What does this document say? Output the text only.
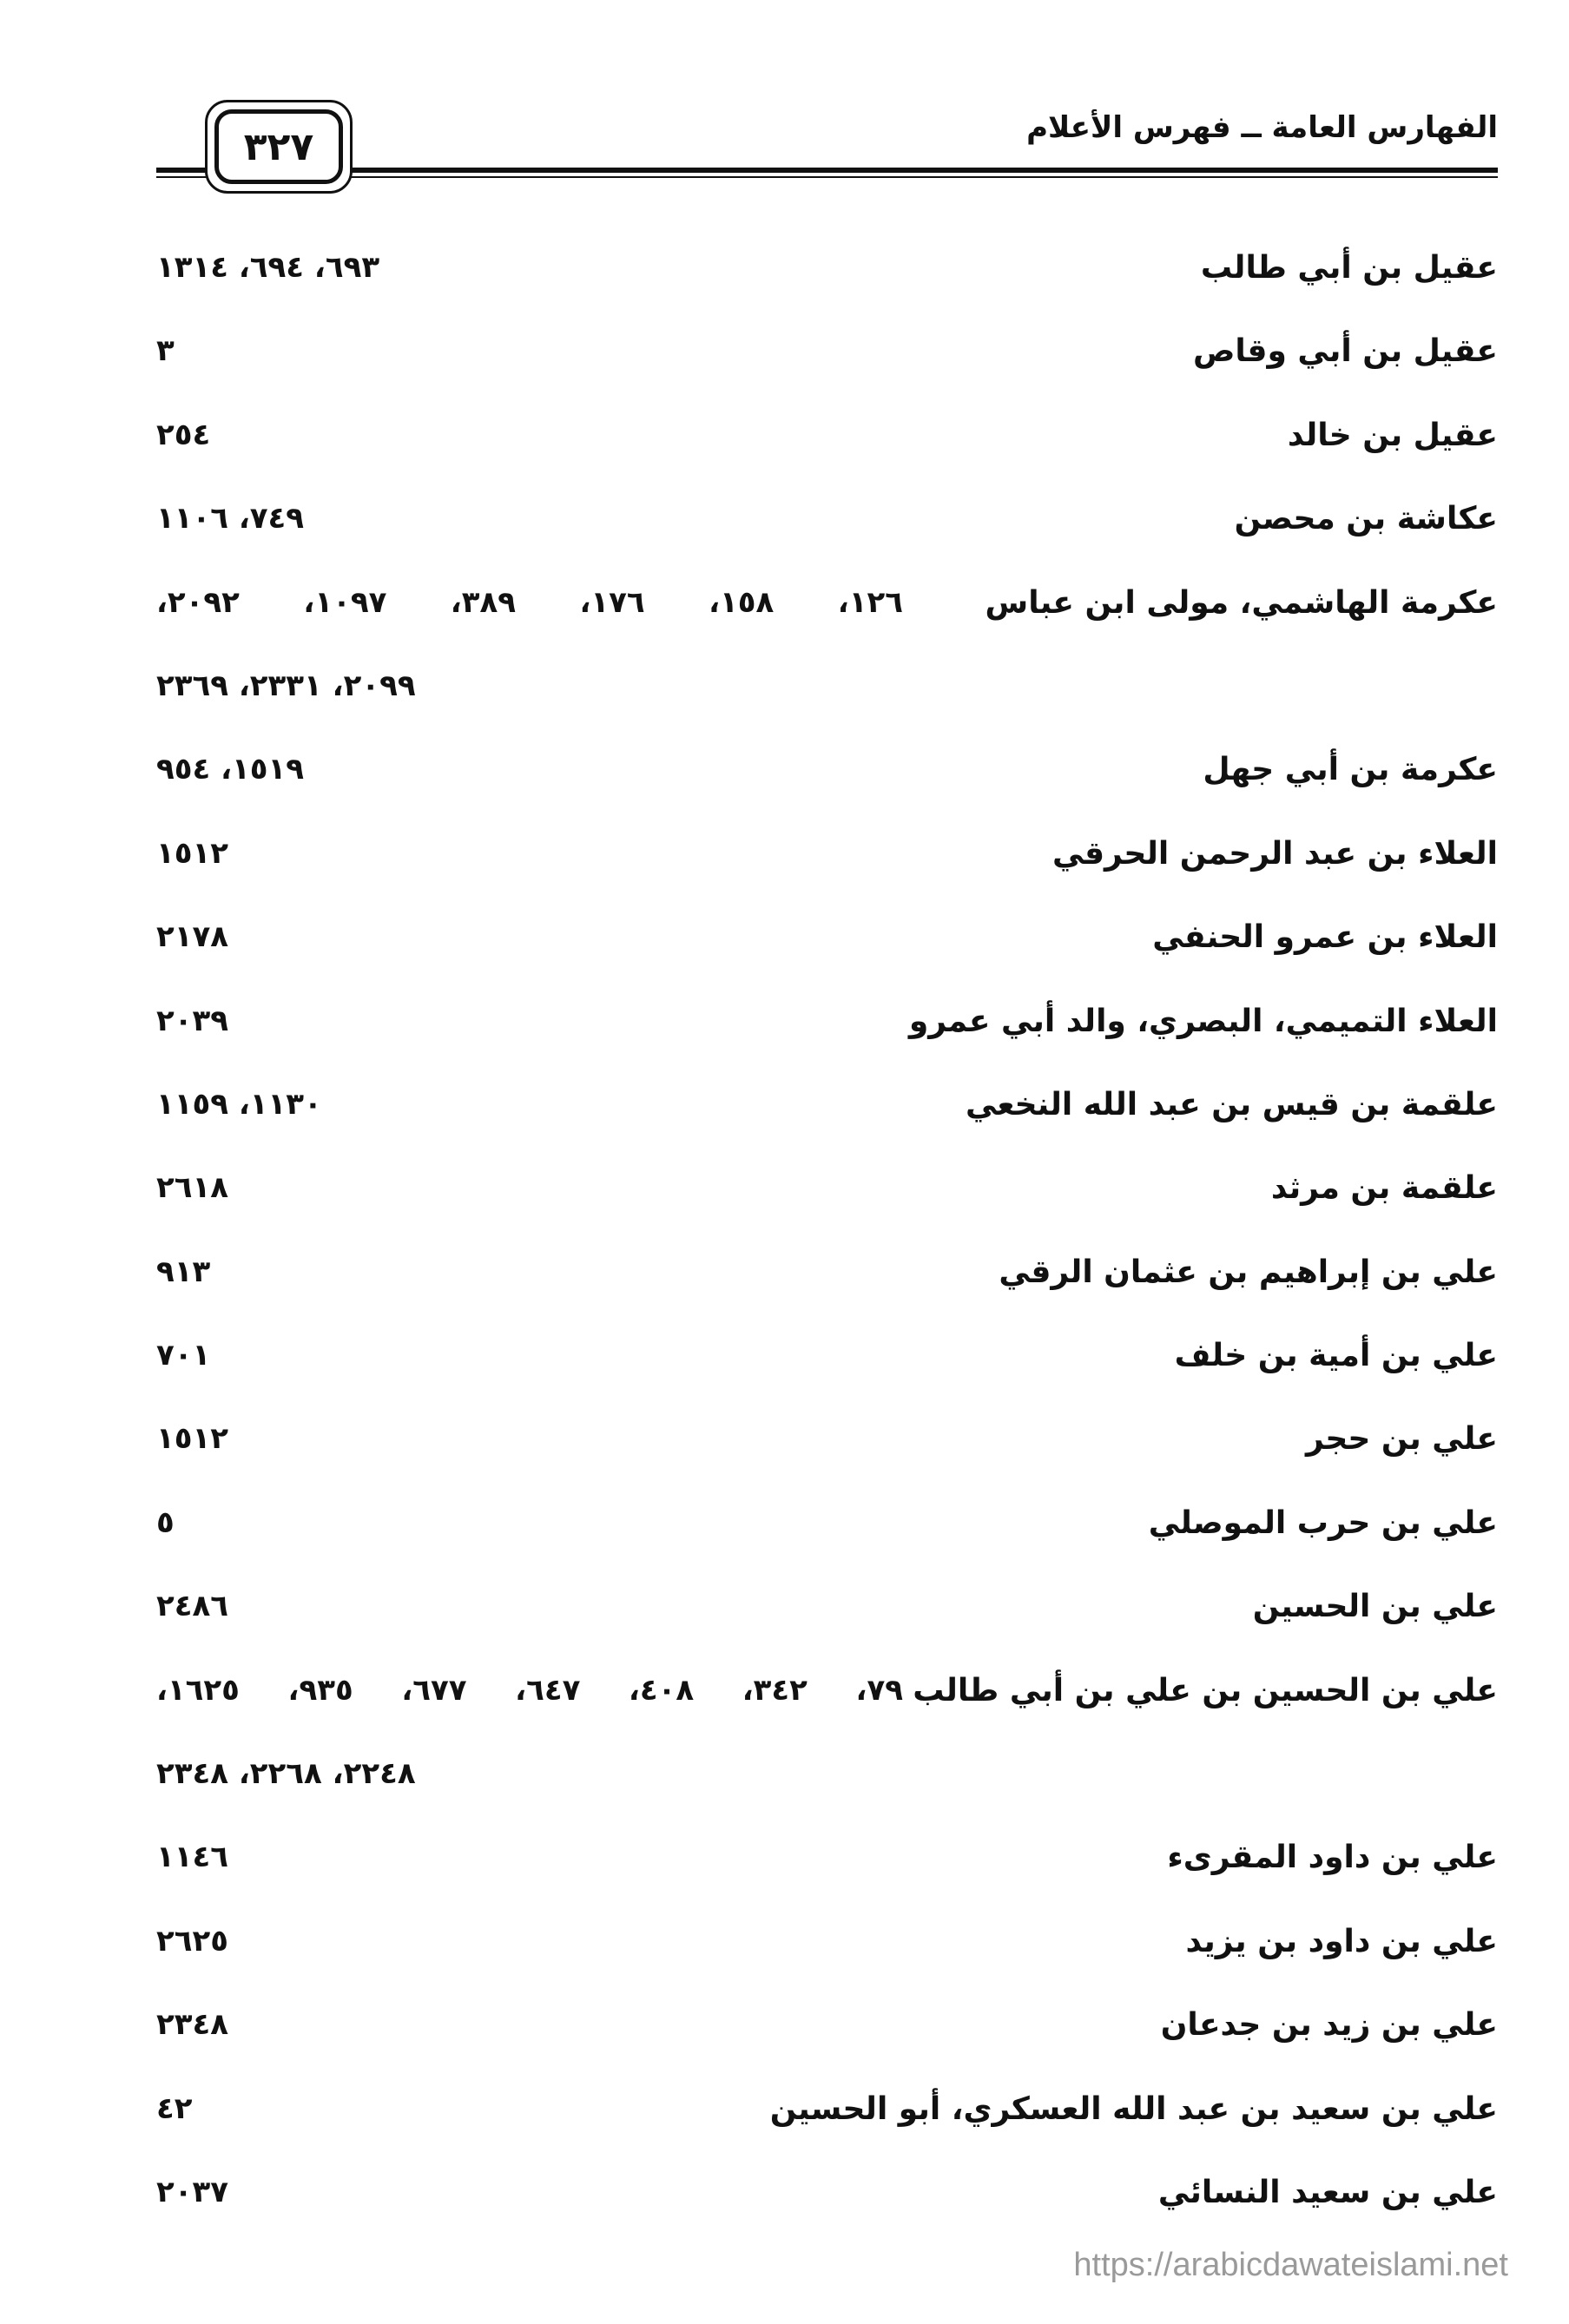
الفهارس العامة ــ فهرس الأعلام
٣٢٧
عقيل بن أبي طالب
٦٩٣، ٦٩٤، ١٣١٤
عقيل بن أبي وقاص
٣
عقيل بن خالد
٢٥٤
عكاشة بن محصن
٧٤٩، ١١٠٦
عكرمة الهاشمي، مولى ابن عباس
١٢٦، ١٥٨، ١٧٦، ٣٨٩، ١٠٩٧، ٢٠٩٢،
٢٠٩٩، ٢٣٣١، ٢٣٦٩
عكرمة بن أبي جهل
١٥١٩، ٩٥٤
العلاء بن عبد الرحمن الحرقي
١٥١٢
العلاء بن عمرو الحنفي
٢١٧٨
العلاء التميمي، البصري، والد أبي عمرو
٢٠٣٩
علقمة بن قيس بن عبد الله النخعي
١١٣٠، ١١٥٩
علقمة بن مرثد
٢٦١٨
علي بن إبراهيم بن عثمان الرقي
٩١٣
علي بن أمية بن خلف
٧٠١
علي بن حجر
١٥١٢
علي بن حرب الموصلي
٥
علي بن الحسين
٢٤٨٦
علي بن الحسين بن علي بن أبي طالب
٧٩، ٣٤٢، ٤٠٨، ٦٤٧، ٦٧٧، ٩٣٥، ١٦٢٥،
٢٢٤٨، ٢٢٦٨، ٢٣٤٨
علي بن داود المقرىء
١١٤٦
علي بن داود بن يزيد
٢٦٢٥
علي بن زيد بن جدعان
٢٣٤٨
علي بن سعيد بن عبد الله العسكري، أبو الحسين
٤٢
علي بن سعيد النسائي
٢٠٣٧
https://arabicdawateislami.net
